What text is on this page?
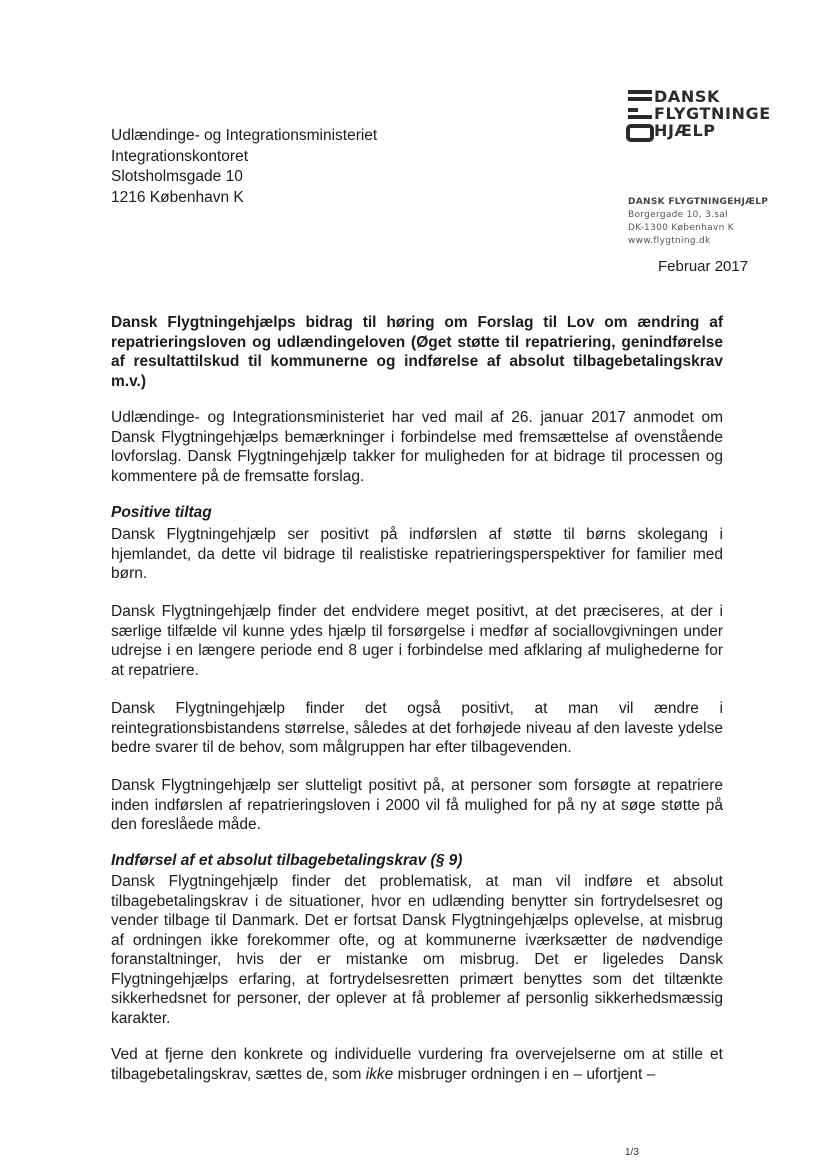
DANSK
FLYGTNINGE
HJÆLP
Udlændinge- og Integrationsministeriet
Integrationskontoret
Slotsholmsgade 10
1216 København K	DANSK FLYGTNINGEHJÆLP
Borgergade 10, 3.sal
DK-1300 København K
www.flygtning.dk
Februar 2017
Dansk Flygtningehjælps bidrag til høring om Forslag til Lov om ændring af repatrieringsloven og udlændingeloven (Øget støtte til repatriering, genindførelse af resultattilskud til kommunerne og indførelse af absolut tilbagebetalingskrav m.v.)
Udlændinge- og Integrationsministeriet har ved mail af 26. januar 2017 anmodet om Dansk Flygtningehjælps bemærkninger i forbindelse med fremsættelse af ovenstående lovforslag. Dansk Flygtningehjælp takker for muligheden for at bidrage til processen og kommentere på de fremsatte forslag.
Positive tiltag
Dansk Flygtningehjælp ser positivt på indførslen af støtte til børns skolegang i hjemlandet, da dette vil bidrage til realistiske repatrieringsperspektiver for familier med børn.
Dansk Flygtningehjælp finder det endvidere meget positivt, at det præciseres, at der i særlige tilfælde vil kunne ydes hjælp til forsørgelse i medfør af sociallovgivningen under udrejse i en længere periode end 8 uger i forbindelse med afklaring af mulighederne for at repatriere.
Dansk Flygtningehjælp finder det også positivt, at man vil ændre i reintegrationsbistandens størrelse, således at det forhøjede niveau af den laveste ydelse bedre svarer til de behov, som målgruppen har efter tilbagevenden.
Dansk Flygtningehjælp ser slutteligt positivt på, at personer som forsøgte at repatriere inden indførslen af repatrieringsloven i 2000 vil få mulighed for på ny at søge støtte på den foreslåede måde.
Indførsel af et absolut tilbagebetalingskrav (§ 9)
Dansk Flygtningehjælp finder det problematisk, at man vil indføre et absolut tilbagebetalingskrav i de situationer, hvor en udlænding benytter sin fortrydelsesret og vender tilbage til Danmark. Det er fortsat Dansk Flygtningehjælps oplevelse, at misbrug af ordningen ikke forekommer ofte, og at kommunerne iværksætter de nødvendige foranstaltninger, hvis der er mistanke om misbrug. Det er ligeledes Dansk Flygtningehjælps erfaring, at fortrydelsesretten primært benyttes som det tiltænkte sikkerhedsnet for personer, der oplever at få problemer af personlig sikkerhedsmæssig karakter.
Ved at fjerne den konkrete og individuelle vurdering fra overvejelserne om at stille et tilbagebetalingskrav, sættes de, som ikke misbruger ordningen i en – ufortjent –
1/3
